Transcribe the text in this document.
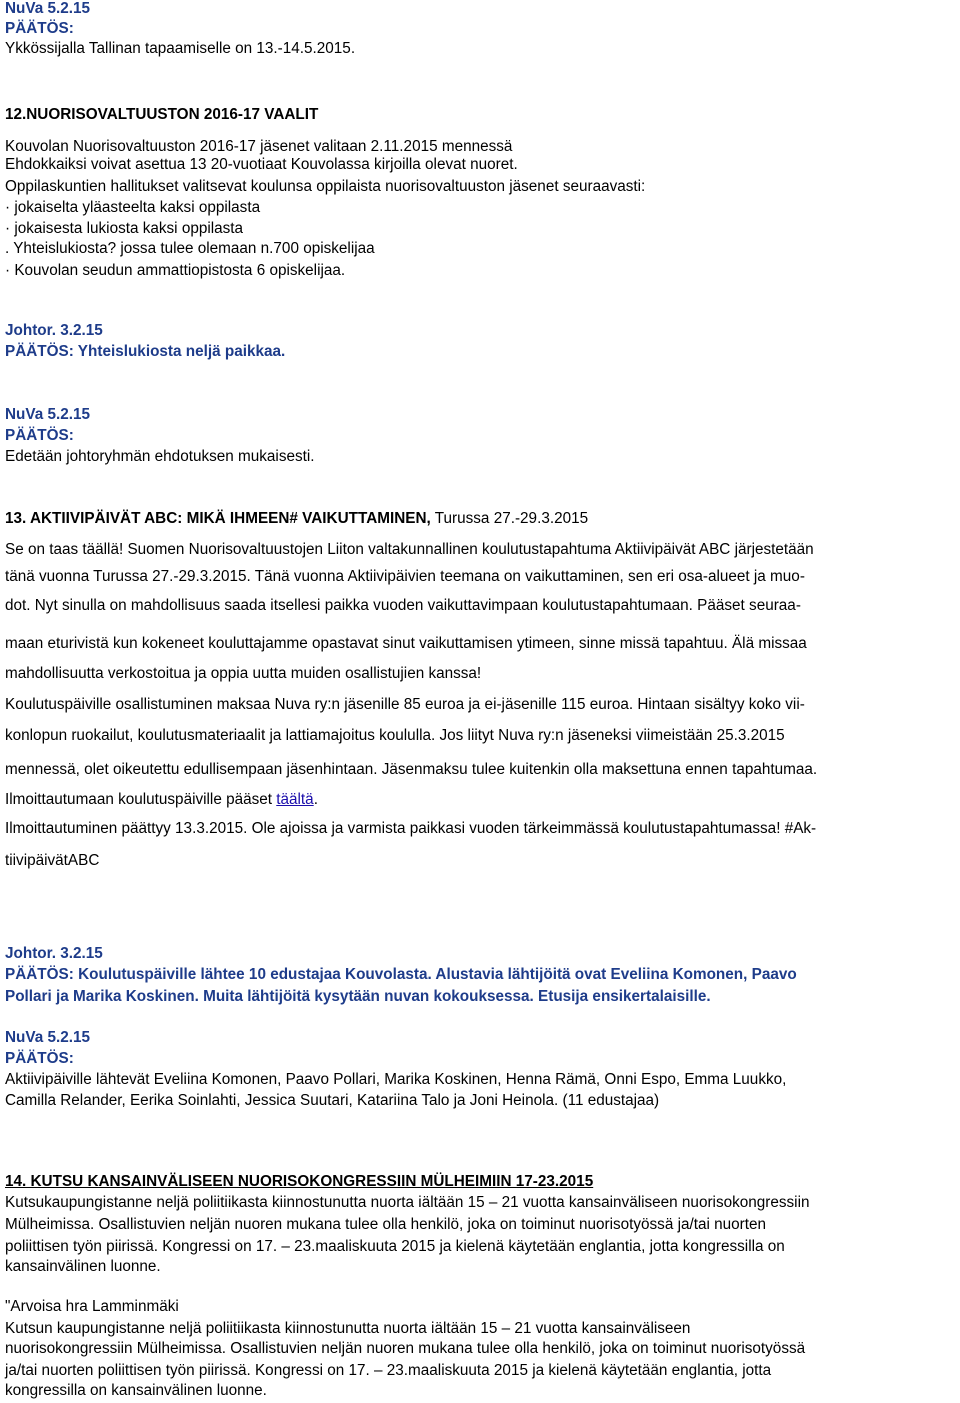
NuVa 5.2.15
PÄÄTÖS:
Ykkössijalla Tallinan tapaamiselle on 13.-14.5.2015.
12.NUORISOVALTUUSTON 2016-17 VAALIT
Kouvolan Nuorisovaltuuston 2016-17 jäsenet valitaan 2.11.2015 mennessä
Ehdokkaiksi voivat asettua 13 20-vuotiaat Kouvolassa kirjoilla olevat nuoret.
Oppilaskuntien hallitukset valitsevat koulunsa oppilaista nuorisovaltuuston jäsenet seuraavasti:
· jokaiselta yläasteelta kaksi oppilasta
· jokaisesta lukiosta kaksi oppilasta
. Yhteislukiosta? jossa tulee olemaan n.700 opiskelijaa
· Kouvolan seudun ammattiopistosta 6 opiskelijaa.
Johtor. 3.2.15
PÄÄTÖS: Yhteislukiosta neljä paikkaa.
NuVa 5.2.15
PÄÄTÖS:
Edetään johtoryhmän ehdotuksen mukaisesti.
13. AKTIIVIPÄIVÄT ABC: MIKÄ IHMEEN# VAIKUTTAMINEN, Turussa 27.-29.3.2015
Se on taas täällä! Suomen Nuorisovaltuustojen Liiton valtakunnallinen koulutustapahtuma Aktiivipäivät ABC järjestetään
tänä vuonna Turussa 27.-29.3.2015. Tänä vuonna Aktiivipäivien teemana on vaikuttaminen, sen eri osa-alueet ja muo-
dot. Nyt sinulla on mahdollisuus saada itsellesi paikka vuoden vaikuttavimpaan koulutustapahtumaan. Pääset seuraa-
maan eturivistä kun kokeneet kouluttajamme opastavat sinut vaikuttamisen ytimeen, sinne missä tapahtuu. Älä missaa
mahdollisuutta verkostoitua ja oppia uutta muiden osallistujien kanssa!
Koulutuspäiville osallistuminen maksaa Nuva ry:n jäsenille 85 euroa ja ei-jäsenille 115 euroa. Hintaan sisältyy koko vii-
konlopun ruokailut, koulutusmateriaalit ja lattiamajoitus koululla. Jos liityt Nuva ry:n jäseneksi viimeistään 25.3.2015
mennessä, olet oikeutettu edullisempaan jäsenhintaan. Jäsenmaksu tulee kuitenkin olla maksettuna ennen tapahtumaa.
Ilmoittautumaan koulutuspäiville pääset täältä.
Ilmoittautuminen päättyy 13.3.2015. Ole ajoissa ja varmista paikkasi vuoden tärkeimmässä koulutustapahtumassa! #Ak-
tiivipäivätABC
Johtor. 3.2.15
PÄÄTÖS: Koulutuspäiville lähtee 10 edustajaa Kouvolasta. Alustavia lähtijöitä ovat Eveliina Komonen, Paavo
Pollari ja Marika Koskinen. Muita lähtijöitä kysytään nuvan kokouksessa. Etusija ensikertalaisille.
NuVa 5.2.15
PÄÄTÖS:
Aktiivipäiville lähtevät Eveliina Komonen, Paavo Pollari, Marika Koskinen, Henna Rämä, Onni Espo, Emma Luukko,
Camilla Relander, Eerika Soinlahti, Jessica Suutari, Katariina Talo ja Joni Heinola. (11 edustajaa)
14. KUTSU KANSAINVÄLISEEN NUORISOKONGRESSIIN MÜLHEIMIIN 17-23.2015
Kutsukaupungistanne neljä poliitiikasta kiinnostunutta nuorta iältään 15 – 21 vuotta kansainväliseen nuorisokongressiin
Mülheimissa. Osallistuvien neljän nuoren mukana tulee olla henkilö, joka on toiminut nuorisotyössä ja/tai nuorten
poliittisen työn piirissä. Kongressi on 17. – 23.maaliskuuta 2015 ja kielenä käytetään englantia, jotta kongressilla on
kansainvälinen luonne.
"Arvoisa hra Lamminmäki
Kutsun kaupungistanne neljä poliitiikasta kiinnostunutta nuorta iältään 15 – 21 vuotta kansainväliseen
nuorisokongressiin Mülheimissa. Osallistuvien neljän nuoren mukana tulee olla henkilö, joka on toiminut nuorisotyössä
ja/tai nuorten poliittisen työn piirissä. Kongressi on 17. – 23.maaliskuuta 2015 ja kielenä käytetään englantia, jotta
kongressilla on kansainvälinen luonne.
